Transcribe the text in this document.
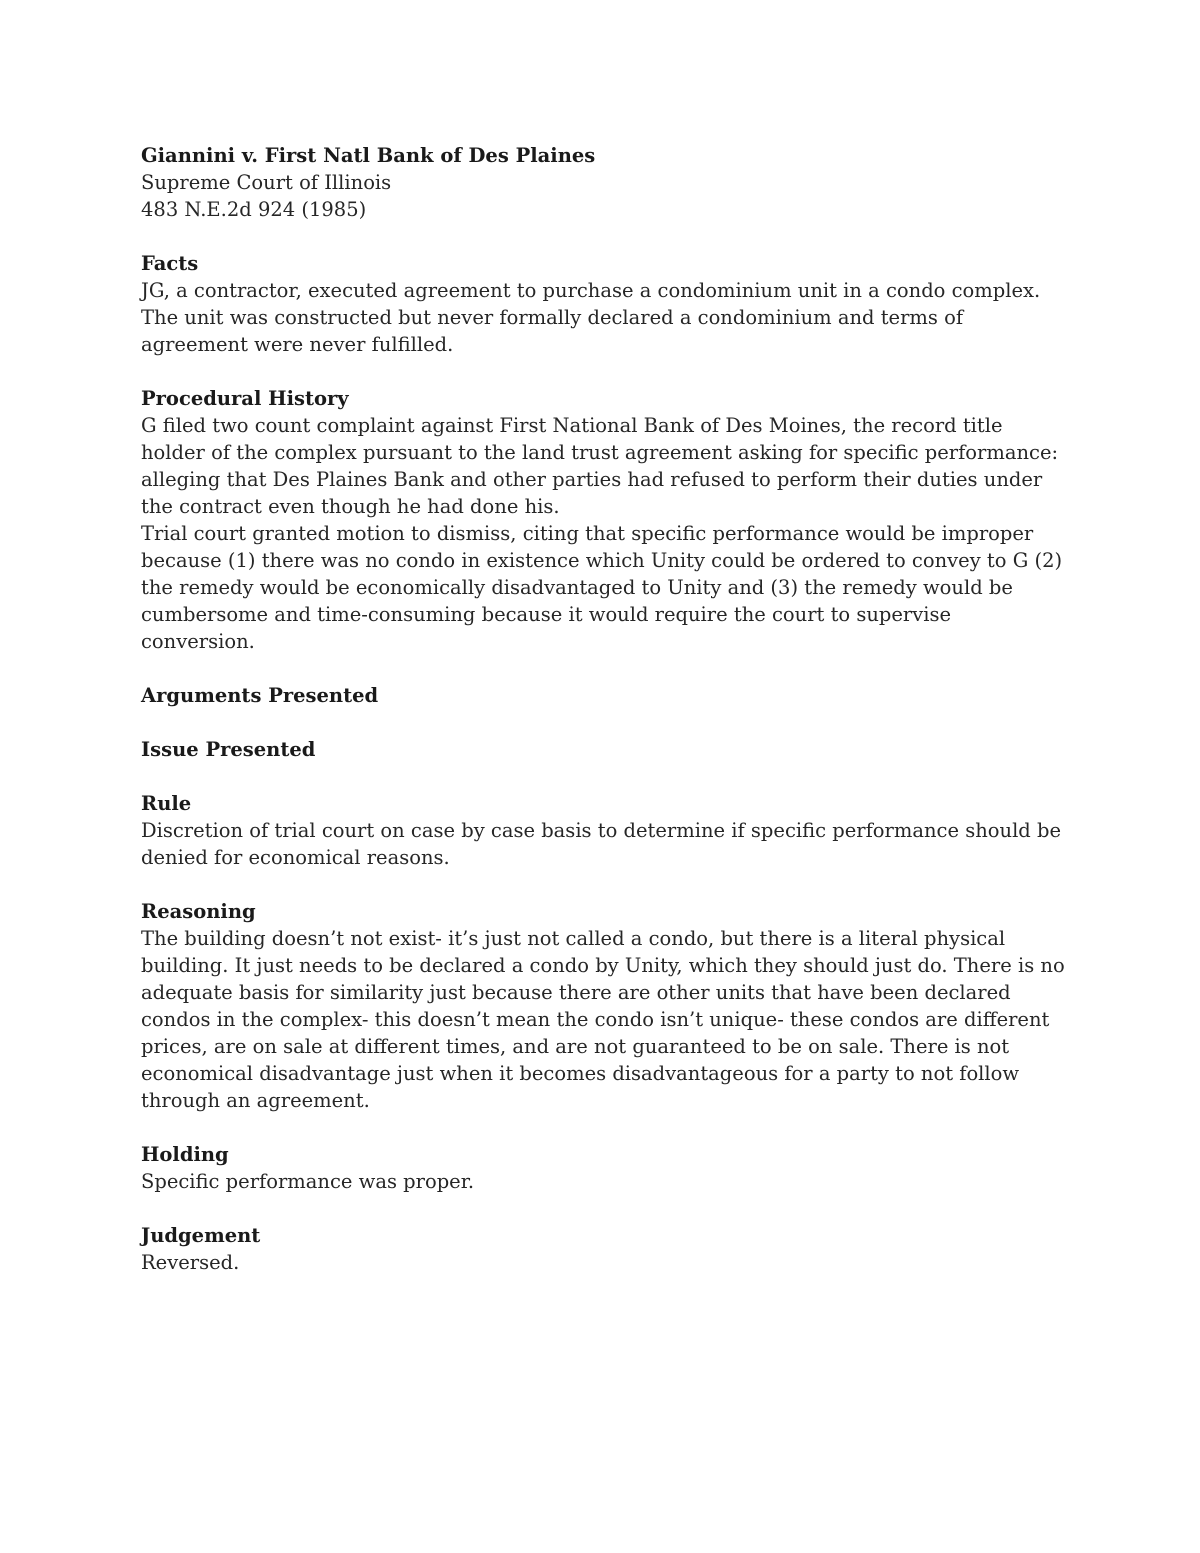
Giannini v. First Natl Bank of Des Plaines

Supreme Court of Illinois

483 N.E.2d 924 (1985)

Facts

JG, a contractor, executed agreement to purchase a condominium unit in a condo complex. The unit was constructed but never formally declared a condominium and terms of agreement were never fulfilled.

Procedural History

G filed two count complaint against First National Bank of Des Moines, the record title holder of the complex pursuant to the land trust agreement asking for specific performance: alleging that Des Plaines Bank and other parties had refused to perform their duties under the contract even though he had done his.

Trial court granted motion to dismiss, citing that specific performance would be improper because (1) there was no condo in existence which Unity could be ordered to convey to G (2) the remedy would be economically disadvantaged to Unity and (3) the remedy would be cumbersome and time-consuming because it would require the court to supervise conversion.

Arguments Presented

Issue Presented

Rule

Discretion of trial court on case by case basis to determine if specific performance should be denied for economical reasons.

Reasoning

The building doesn’t not exist- it’s just not called a condo, but there is a literal physical building. It just needs to be declared a condo by Unity, which they should just do. There is no adequate basis for similarity just because there are other units that have been declared condos in the complex- this doesn’t mean the condo isn’t unique- these condos are different prices, are on sale at different times, and are not guaranteed to be on sale. There is not economical disadvantage just when it becomes disadvantageous for a party to not follow through an agreement.

Holding

Specific performance was proper.

Judgement

Reversed.
